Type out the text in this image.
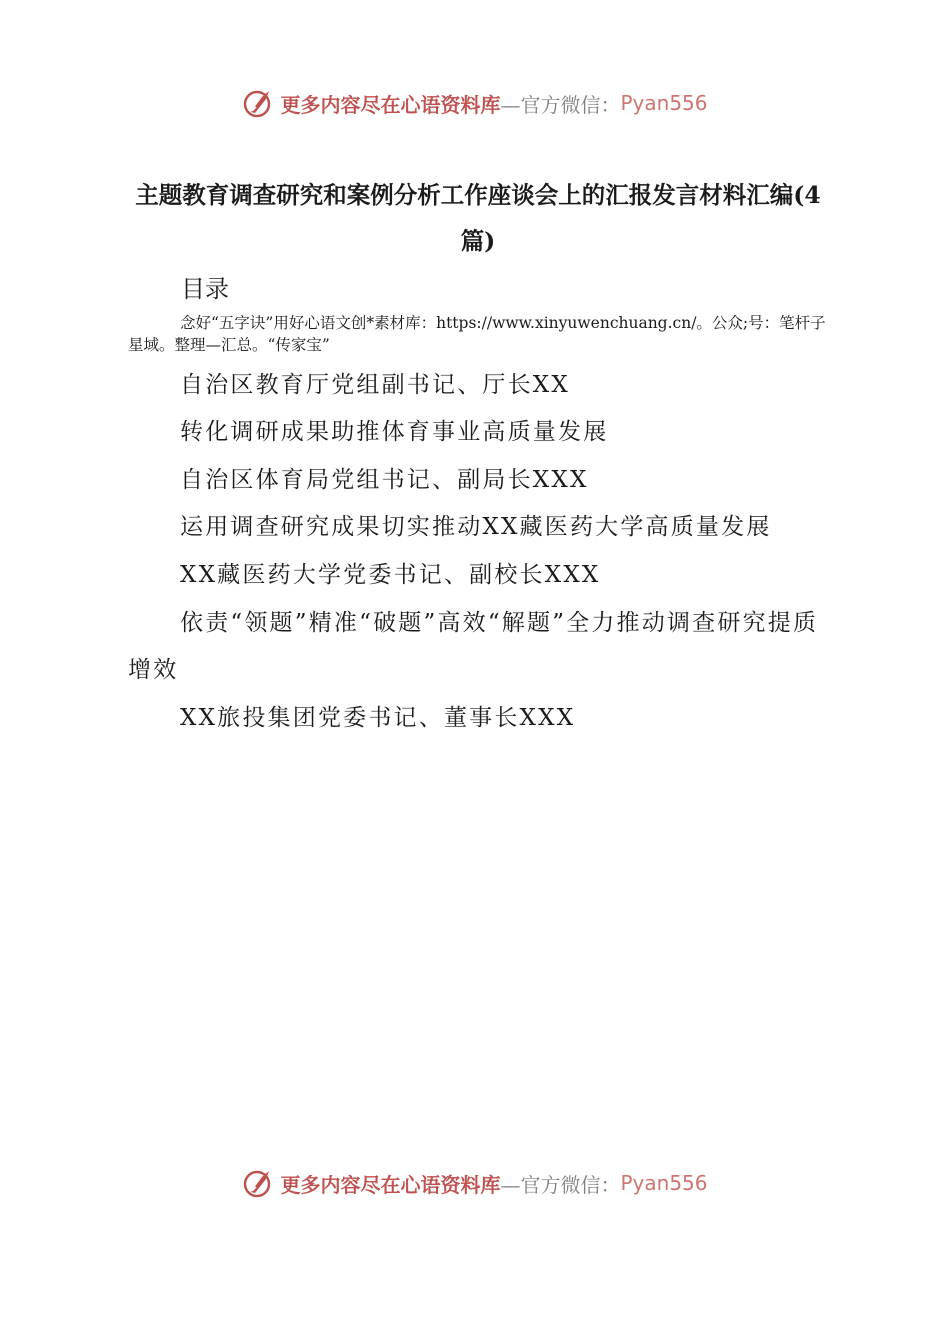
更多内容尽在心语资料库 —官方微信： Pyan556
主题教育调查研究和案例分析工作座谈会上的汇报发言材料汇编(4篇)
目录

念好“五字诀”用好心语文创*素材库：https://www.xinyuwenchuang.cn/。公众;号：笔杆子星域。整理—汇总。“传家宝”

自治区教育厅党组副书记、厅长XX

转化调研成果助推体育事业高质量发展

自治区体育局党组书记、副局长XXX

运用调查研究成果切实推动XX藏医药大学高质量发展

XX藏医药大学党委书记、副校长XXX

依责“领题”精准“破题”高效“解题”全力推动调查研究提质增效

XX旅投集团党委书记、董事长XXX

更多内容尽在心语资料库 —官方微信： Pyan556
